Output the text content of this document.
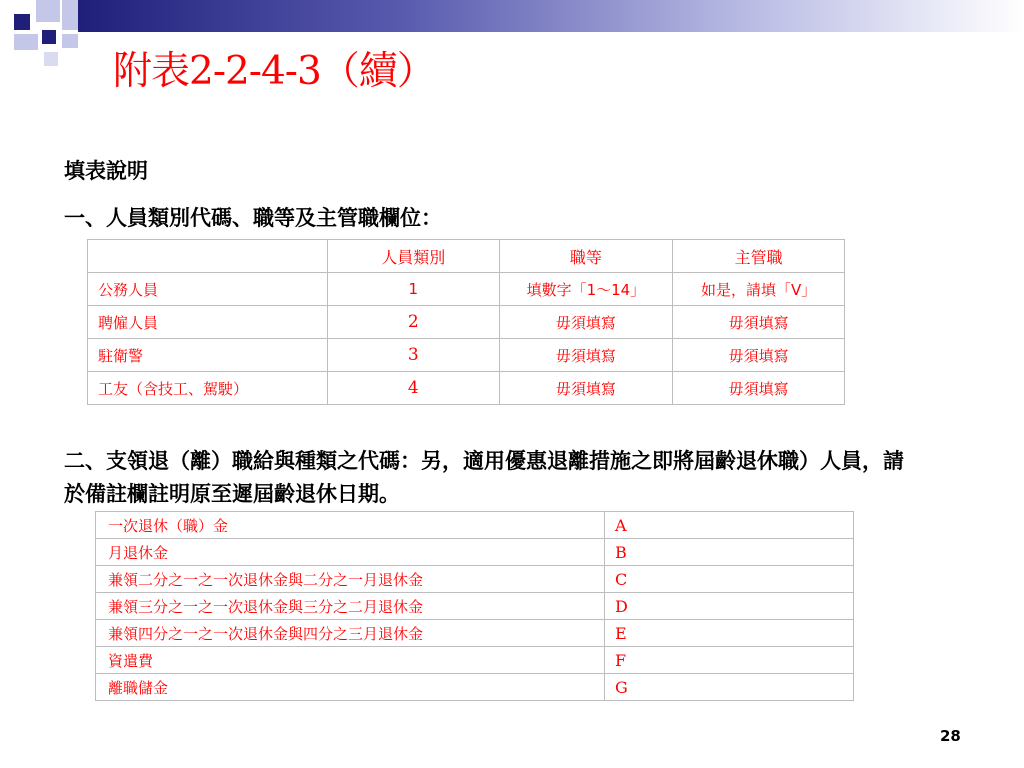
附表2-2-4-3（續）
填表說明
一、人員類別代碼、職等及主管職欄位：
	人員類別	職等	主管職
公務人員	1	填數字「1～14」	如是，請填「V」
聘僱人員	2	毋須填寫	毋須填寫
駐衛警	3	毋須填寫	毋須填寫
工友（含技工、駕駛）	4	毋須填寫	毋須填寫
二、支領退（離）職給與種類之代碼：另，適用優惠退離措施之即將屆齡退休職）人員，請於備註欄註明原至遲屆齡退休日期。
一次退休（職）金	A
月退休金	B
兼領二分之一之一次退休金與二分之一月退休金	C
兼領三分之一之一次退休金與三分之二月退休金	D
兼領四分之一之一次退休金與四分之三月退休金	E
資遣費	F
離職儲金	G
28
